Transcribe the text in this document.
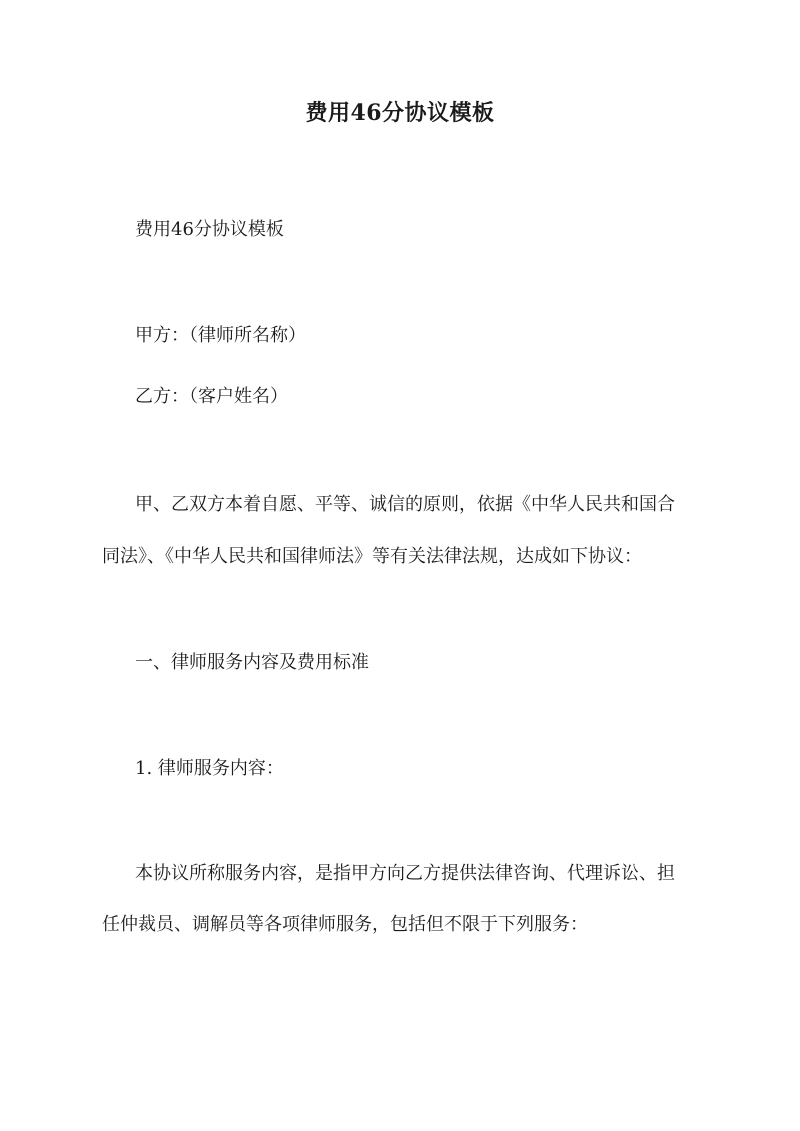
费用46分协议模板
费用46分协议模板
甲方：（律师所名称）
乙方：（客户姓名）
甲、乙双方本着自愿、平等、诚信的原则，依据《中华人民共和国合
同法》、《中华人民共和国律师法》等有关法律法规，达成如下协议：
一、律师服务内容及费用标准
1. 律师服务内容：
本协议所称服务内容，是指甲方向乙方提供法律咨询、代理诉讼、担
任仲裁员、调解员等各项律师服务，包括但不限于下列服务：
